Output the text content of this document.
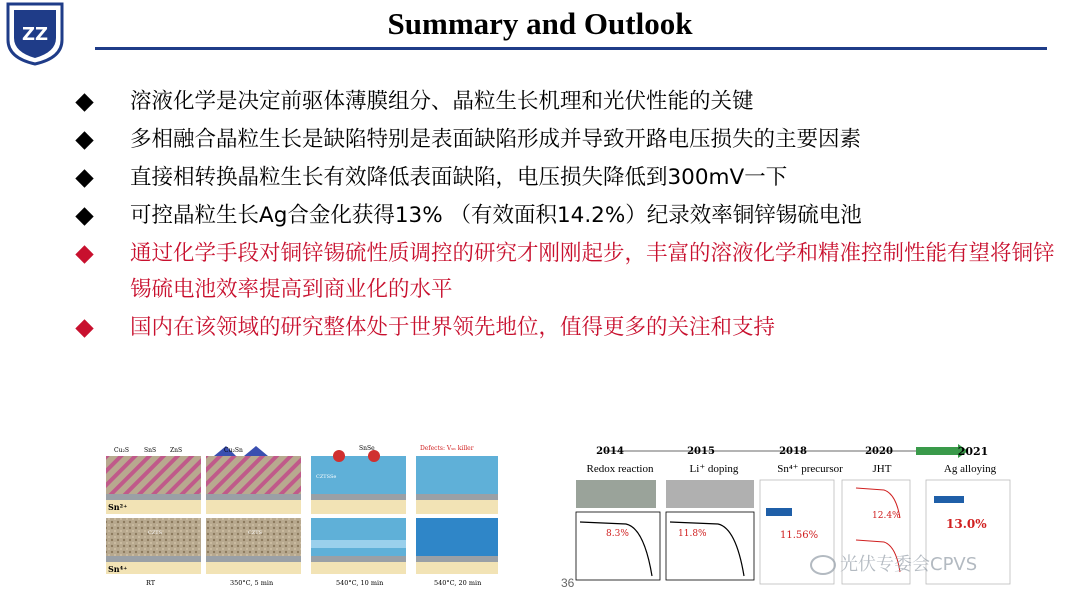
ZZ	Summary and Outlook
溶液化学是决定前驱体薄膜组分、晶粒生长机理和光伏性能的关键
多相融合晶粒生长是缺陷特别是表面缺陷形成并导致开路电压损失的主要因素
直接相转换晶粒生长有效降低表面缺陷，电压损失降低到300mV一下
可控晶粒生长Ag合金化获得13% （有效面积14.2%）纪录效率铜锌锡硫电池
通过化学手段对铜锌锡硫性质调控的研究才刚刚起步，丰富的溶液化学和精准控制性能有望将铜锌锡硫电池效率提高到商业化的水平
国内在该领域的研究整体处于世界领先地位，值得更多的关注和支持
Sn²⁺
Cu₂S	SnS ZnS	Cu₂Sn	SnSe	Defects: Vₛₙ killer
CZTSSe
CZTS	CZTS
Sn⁴⁺
RT	350°C, 5 min	540°C, 10 min	540°C, 20 min
2014	2015	2018	2020	2021
Redox reaction	Li⁺ doping	Sn⁴⁺ precursor	JHT	Ag alloying
8.3%	11.8%	11.56%
12.4%
13.0%
36
光伏专委会CPVS
